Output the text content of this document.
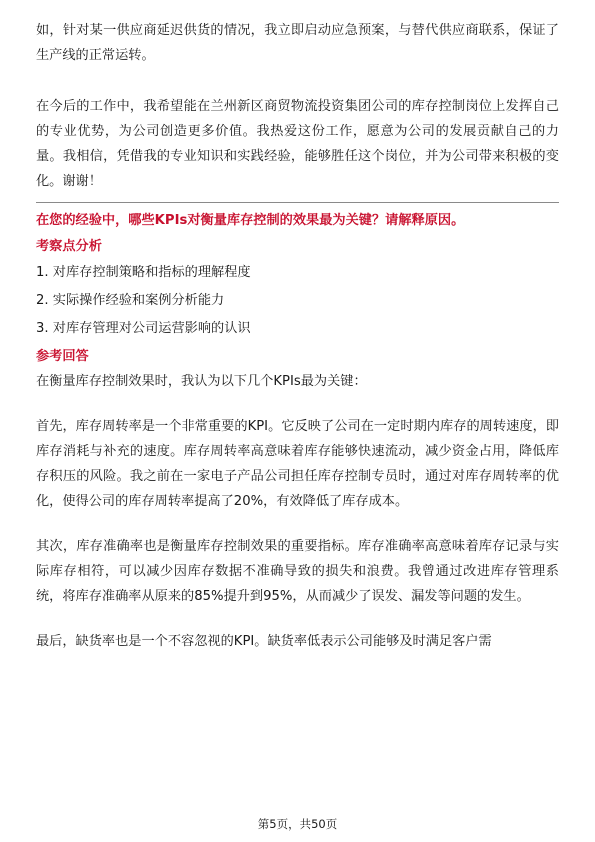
如，针对某一供应商延迟供货的情况，我立即启动应急预案，与替代供应商联系，保证了生产线的正常运转。

在今后的工作中，我希望能在兰州新区商贸物流投资集团公司的库存控制岗位上发挥自己的专业优势，为公司创造更多价值。我热爱这份工作，愿意为公司的发展贡献自己的力量。我相信，凭借我的专业知识和实践经验，能够胜任这个岗位，并为公司带来积极的变化。谢谢！

在您的经验中，哪些KPIs对衡量库存控制的效果最为关键？请解释原因。

考察点分析

1. 对库存控制策略和指标的理解程度

2. 实际操作经验和案例分析能力

3. 对库存管理对公司运营影响的认识

参考回答

在衡量库存控制效果时，我认为以下几个KPIs最为关键：

首先，库存周转率是一个非常重要的KPI。它反映了公司在一定时期内库存的周转速度，即库存消耗与补充的速度。库存周转率高意味着库存能够快速流动，减少资金占用，降低库存积压的风险。我之前在一家电子产品公司担任库存控制专员时，通过对库存周转率的优化，使得公司的库存周转率提高了20%，有效降低了库存成本。

其次，库存准确率也是衡量库存控制效果的重要指标。库存准确率高意味着库存记录与实际库存相符，可以减少因库存数据不准确导致的损失和浪费。我曾通过改进库存管理系统，将库存准确率从原来的85%提升到95%，从而减少了误发、漏发等问题的发生。

最后，缺货率也是一个不容忽视的KPI。缺货率低表示公司能够及时满足客户需

第5页，共50页
